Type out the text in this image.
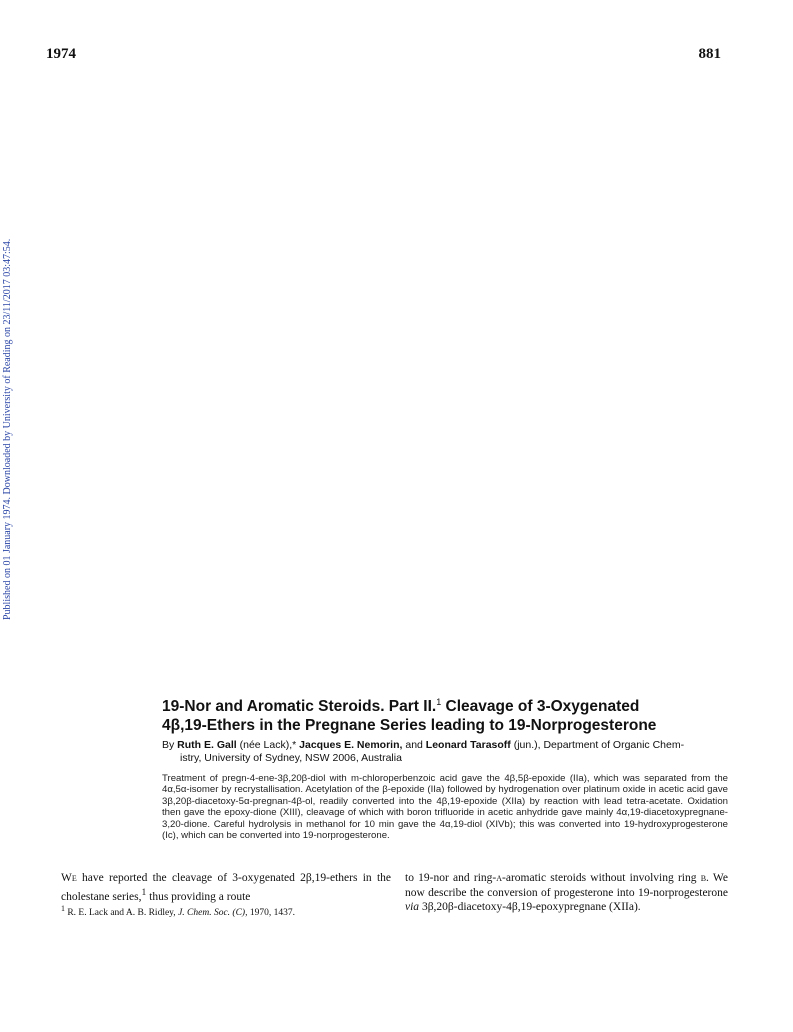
1974	881
Published on 01 January 1974. Downloaded by University of Reading on 23/11/2017 03:47:54.
19-Nor and Aromatic Steroids. Part II.$^1$ Cleavage of 3-Oxygenated
4β,19-Ethers in the Pregnane Series leading to 19-Norprogesterone
By Ruth E. Gall (née Lack),* Jacques E. Nemorin, and Leonard Tarasoff (jun.), Department of Organic Chem-
istry, University of Sydney, NSW 2006, Australia
Treatment of pregn-4-ene-3β,20β-diol with m-chloroperbenzoic acid gave the 4β,5β-epoxide (IIa), which was separated from the 4α,5α-isomer by recrystallisation. Acetylation of the β-epoxide (IIa) followed by hydrogenation over platinum oxide in acetic acid gave 3β,20β-diacetoxy-5α-pregnan-4β-ol, readily converted into the 4β,19-epoxide (XIIa) by reaction with lead tetra-acetate. Oxidation then gave the epoxy-dione (XIII), cleavage of which with boron trifluoride in acetic anhydride gave mainly 4α,19-diacetoxypregnane-3,20-dione. Careful hydrolysis in methanol for 10 min gave the 4α,19-diol (XIVb); this was converted into 19-hydroxyprogesterone (Ic), which can be converted into 19-norprogesterone.
We have reported the cleavage of 3-oxygenated 2β,19-ethers in the cholestane series,$^1$ thus providing a route
$^1$ R. E. Lack and A. B. Ridley, J. Chem. Soc. (C), 1970, 1437.
to 19-nor and ring-a-aromatic steroids without involving ring b. We now describe the conversion of progesterone into 19-norprogesterone via 3β,20β-diacetoxy-4β,19-epoxypregnane (XIIa).
